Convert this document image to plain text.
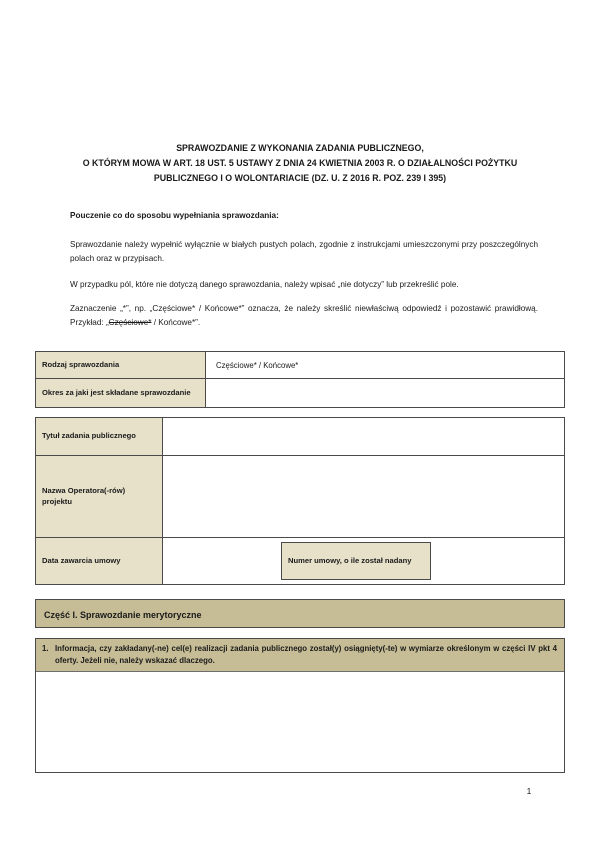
SPRAWOZDANIE Z WYKONANIA ZADANIA PUBLICZNEGO,
O KTÓRYM MOWA W ART. 18 UST. 5 USTAWY Z DNIA 24 KWIETNIA 2003 R. O DZIAŁALNOŚCI POŻYTKU
PUBLICZNEGO I O WOLONTARIACIE (DZ. U. Z 2016 R. POZ. 239 I 395)
Pouczenie co do sposobu wypełniania sprawozdania:
Sprawozdanie należy wypełnić wyłącznie w białych pustych polach, zgodnie z instrukcjami umieszczonymi przy poszczególnych polach oraz w przypisach.
W przypadku pól, które nie dotyczą danego sprawozdania, należy wpisać „nie dotyczy” lub przekreślić pole.
Zaznaczenie „*”, np. „Częściowe* / Końcowe*” oznacza, że należy skreślić niewłaściwą odpowiedź i pozostawić prawidłową. Przykład: „Częściowe* / Końcowe*”.
Rodzaj sprawozdania	Częściowe* / Końcowe*
Okres za jaki jest składane sprawozdanie
Tytuł zadania publicznego
Nazwa Operatora(-rów) projektu
Data zawarcia umowy	Numer umowy, o ile został nadany
Część I. Sprawozdanie merytoryczne
1. Informacja, czy zakładany(-ne) cel(e) realizacji zadania publicznego został(y) osiągnięty(-te) w wymiarze określonym w części IV pkt 4 oferty. Jeżeli nie, należy wskazać dlaczego.
1
